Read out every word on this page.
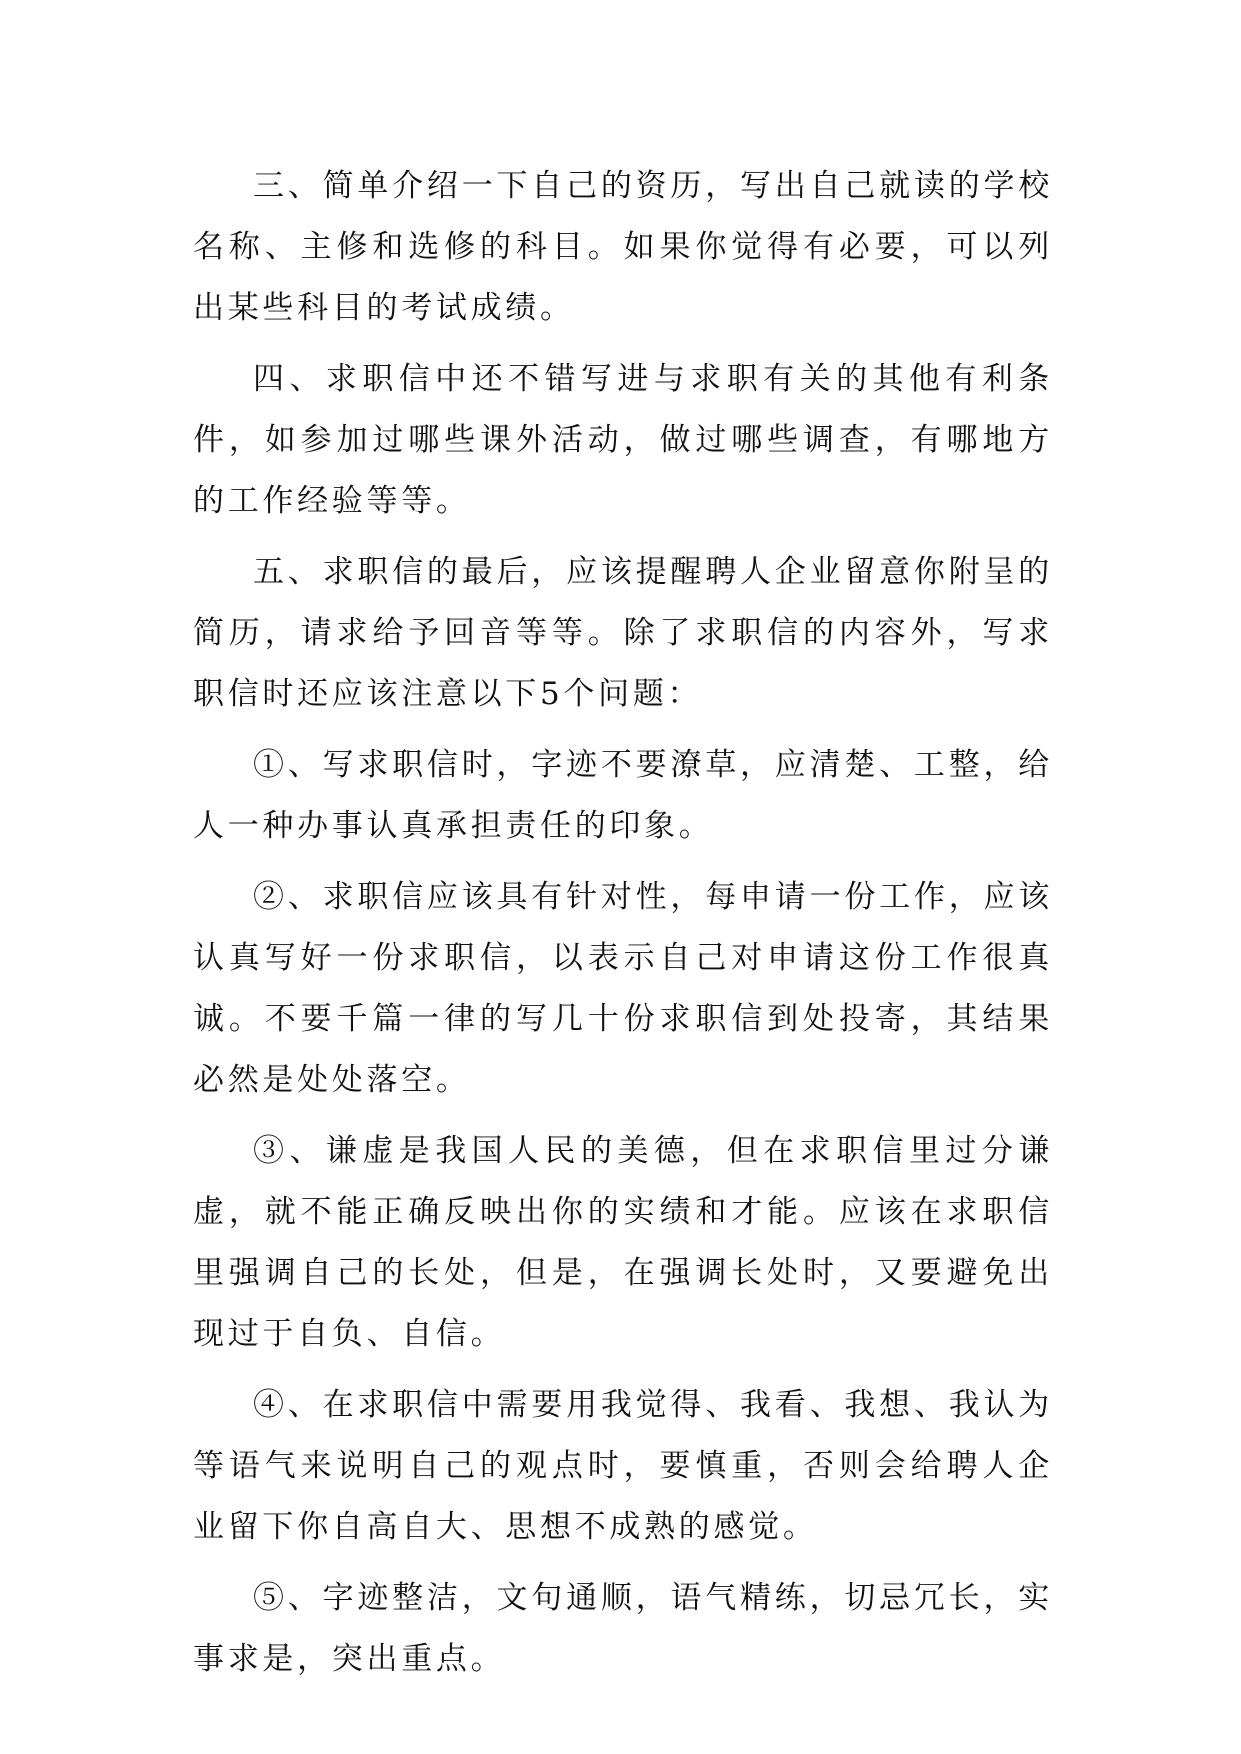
三、简单介绍一下自己的资历，写出自己就读的学校名称、主修和选修的科目。如果你觉得有必要，可以列出某些科目的考试成绩。

四、求职信中还不错写进与求职有关的其他有利条件，如参加过哪些课外活动，做过哪些调查，有哪地方的工作经验等等。

五、求职信的最后，应该提醒聘人企业留意你附呈的简历，请求给予回音等等。除了求职信的内容外，写求职信时还应该注意以下5个问题：

①、写求职信时，字迹不要潦草，应清楚、工整，给人一种办事认真承担责任的印象。

②、求职信应该具有针对性，每申请一份工作，应该认真写好一份求职信，以表示自己对申请这份工作很真诚。不要千篇一律的写几十份求职信到处投寄，其结果必然是处处落空。

③、谦虚是我国人民的美德，但在求职信里过分谦虚，就不能正确反映出你的实绩和才能。应该在求职信里强调自己的长处，但是，在强调长处时，又要避免出现过于自负、自信。

④、在求职信中需要用我觉得、我看、我想、我认为等语气来说明自己的观点时，要慎重，否则会给聘人企业留下你自高自大、思想不成熟的感觉。

⑤、字迹整洁，文句通顺，语气精练，切忌冗长，实事求是，突出重点。
